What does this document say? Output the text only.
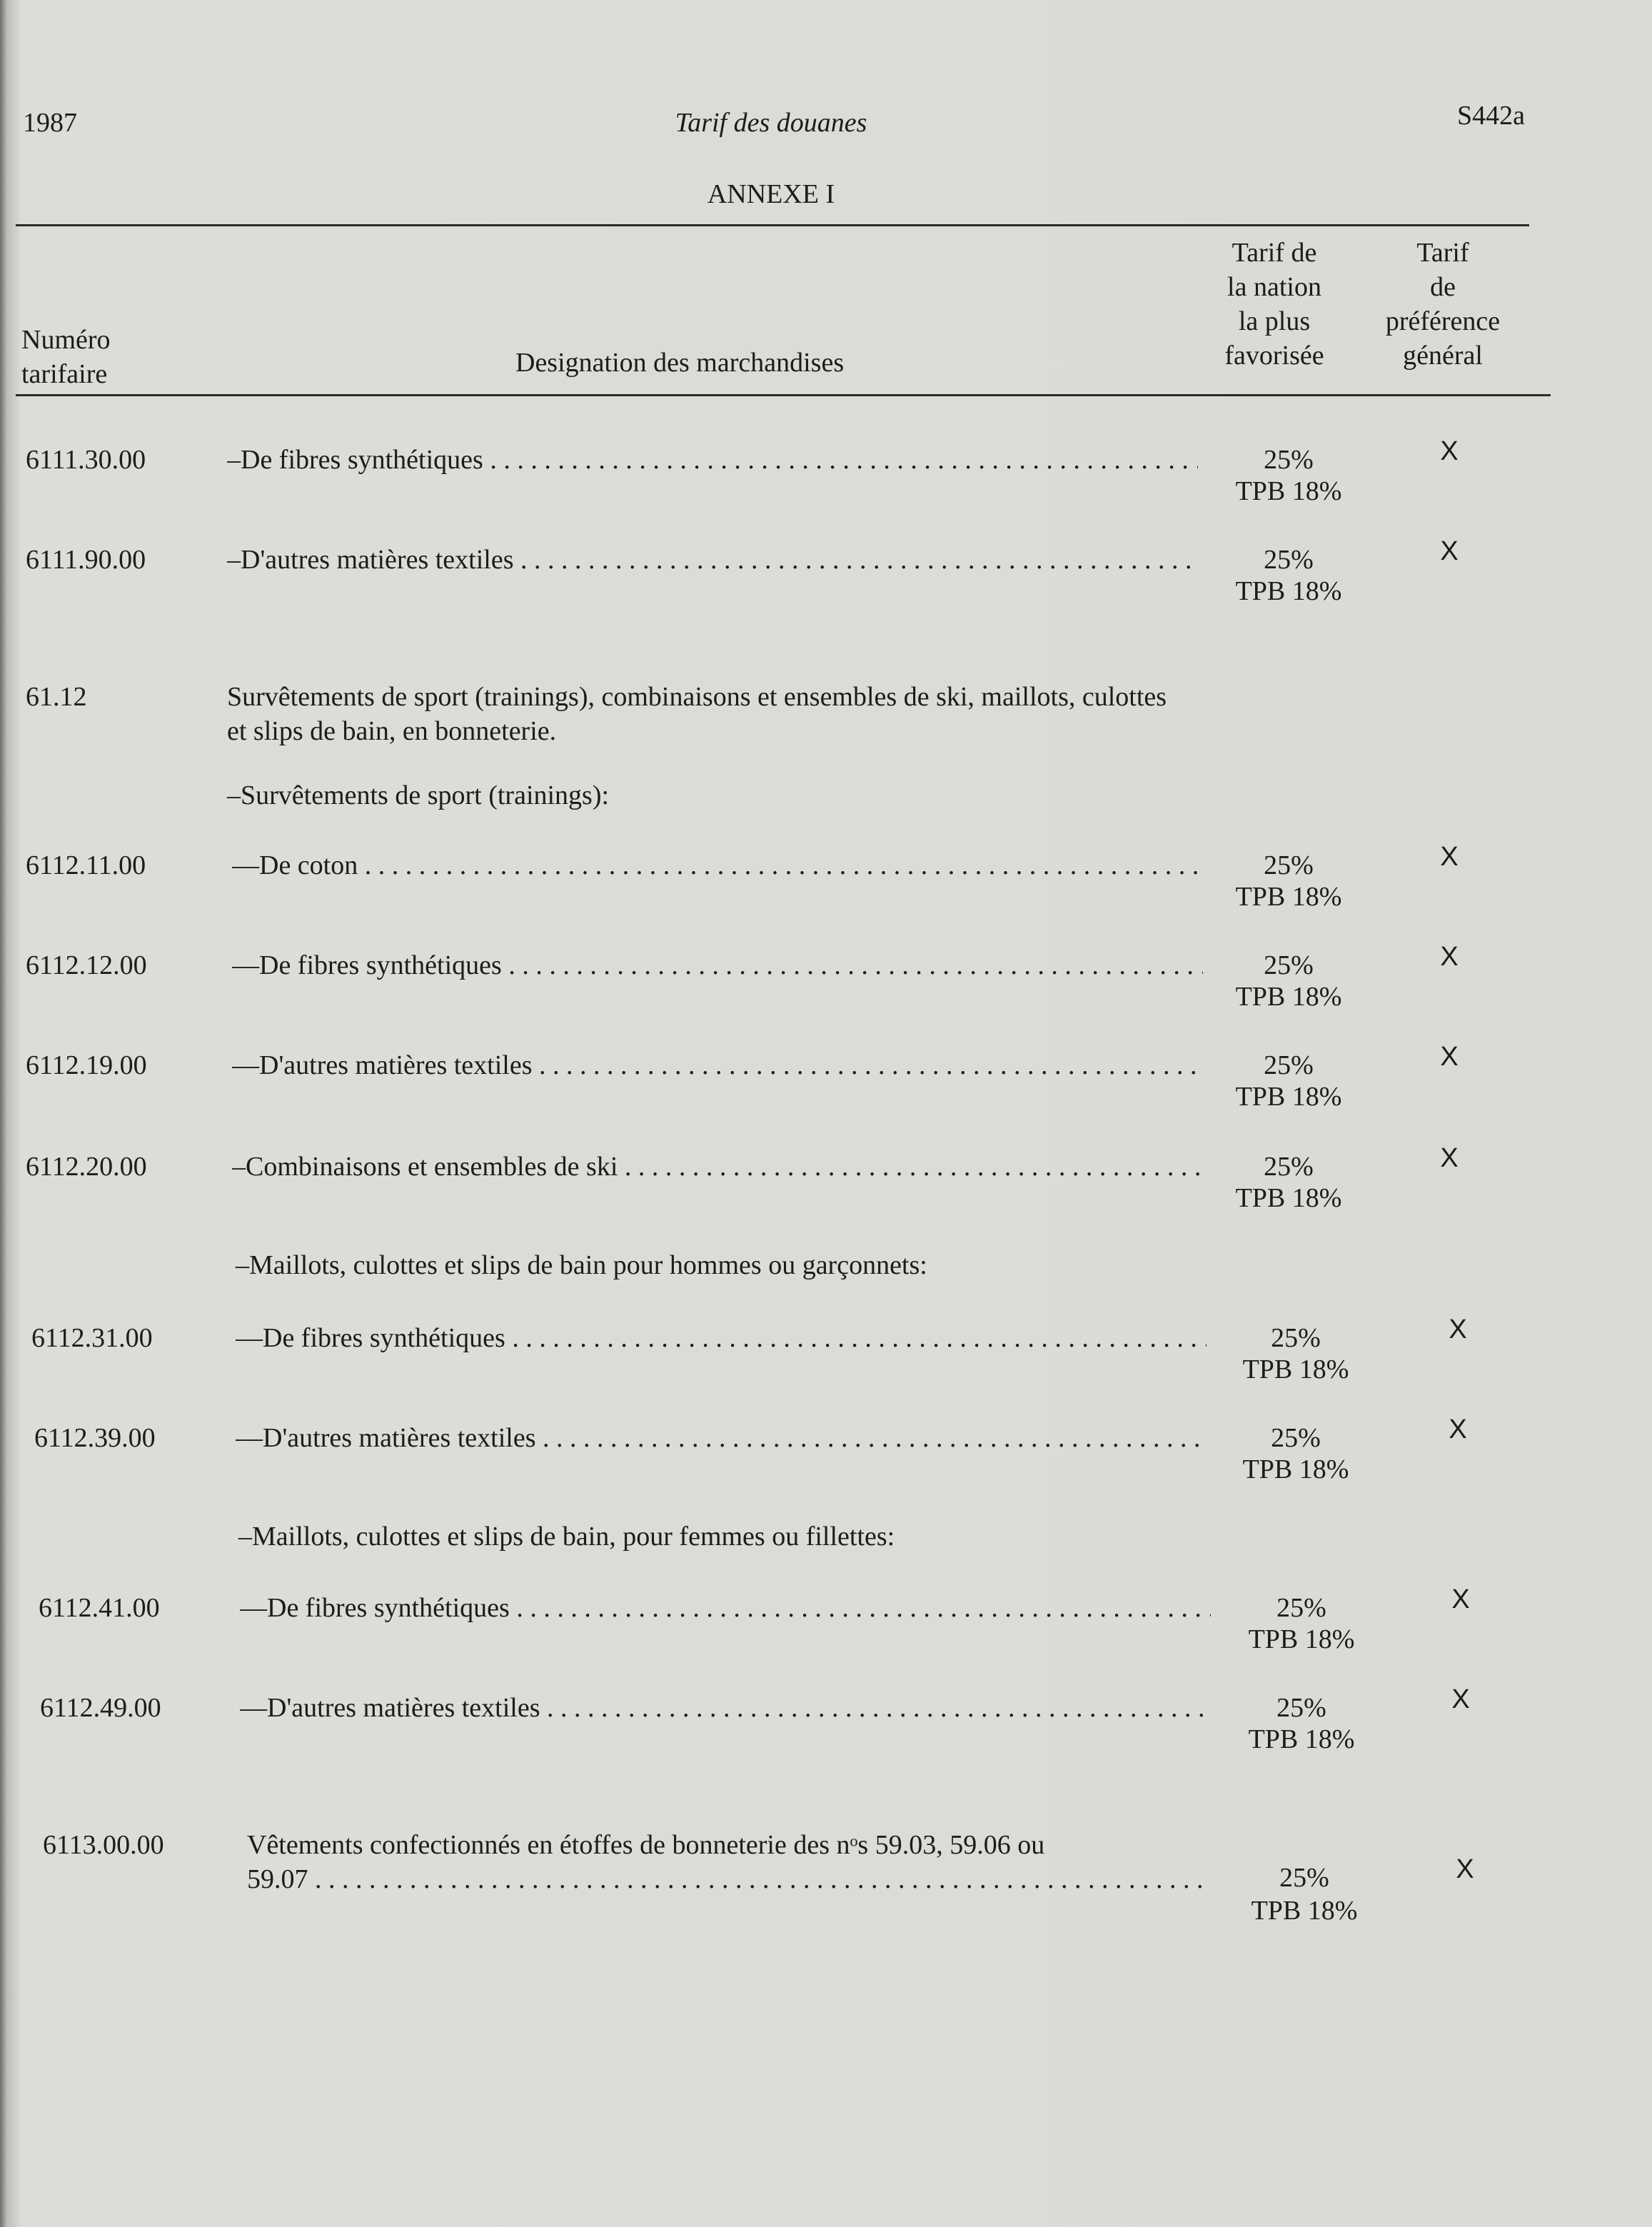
1987	Tarif des douanes	S442a
ANNEXE I
Numéro
tarifaire	Designation des marchandises
Tarif de
la nation
la plus
favorisée
Tarif
de
préférence
général
6111.30.00	–De fibres synthétiques . . .	25%
TPB 18%
X
6111.90.00	–D'autres matières textiles . . .	25%
TPB 18%
X
61.12	Survêtements de sport (trainings), combinaisons et ensembles de ski, maillots, culottes et slips de bain, en bonneterie.
–Survêtements de sport (trainings):
6112.11.00	––De coton . . .	25%
TPB 18%
X
6112.12.00	––De fibres synthétiques . . .	25%
TPB 18%
X
6112.19.00	––D'autres matières textiles . . .	25%
TPB 18%
X
6112.20.00	–Combinaisons et ensembles de ski . . .	25%
TPB 18%
X
–Maillots, culottes et slips de bain pour hommes ou garçonnets:
6112.31.00	––De fibres synthétiques . . .	25%
TPB 18%
X
6112.39.00	––D'autres matières textiles . . .	25%
TPB 18%
X
–Maillots, culottes et slips de bain, pour femmes ou fillettes:
6112.41.00	––De fibres synthétiques . . .	25%
TPB 18%
X
6112.49.00	––D'autres matières textiles . . .	25%
TPB 18%
X
6113.00.00	Vêtements confectionnés en étoffes de bonneterie des nᵒs 59.03, 59.06 ou
59.07 . . .	25%
TPB 18%
X
